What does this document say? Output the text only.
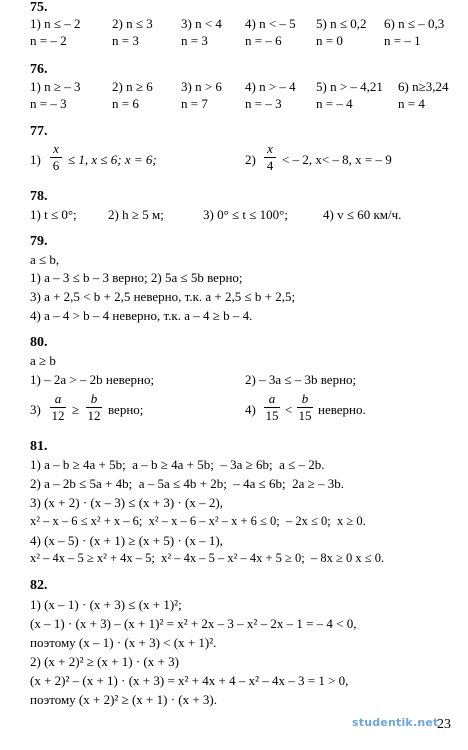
75.
1) n ≤ – 2 2) n ≤ 3 3) n < 4 4) n < – 5 5) n ≤ 0,2 6) n ≤ – 0,3
n = – 2	n = 3	n = 3	n = – 6	n = 0	n = – 1
76.
1) n ≥ – 3 2) n ≥ 6 3) n > 6 4) n > – 4 5) n > – 4,21 6) n≥3,24
n = – 3	n = 6	n = 7	n = – 3	n = – 4	n = 4
77.
1)
x
6 ≤ 1, x ≤ 6; x = 6;	2)
x
4 < – 2, x< – 8, x = – 9
78.
1) t ≤ 0°; 2) h ≥ 5 м;	3) 0° ≤ t ≤ 100°;	4) v ≤ 60 км/ч.
79.
a ≤ b,
1) a – 3 ≤ b – 3 верно; 2) 5a ≤ 5b верно;
3) a + 2,5 < b + 2,5 неверно, т.к. a + 2,5 ≤ b + 2,5;
4) a – 4 > b – 4 неверно, т.к. a – 4 ≥ b – 4.
80.
a ≥ b
1) – 2a > – 2b неверно;	2) – 3a ≤ – 3b верно;
3)
a
12 ≥
b
12 верно;	4)
a
15 <
b
15 неверно.
81.
1) a – b ≥ 4a + 5b;  a – b ≥ 4a + 5b;  – 3a ≥ 6b;  a ≤ – 2b.
2) a – 2b ≤ 5a + 4b;  a – 5a ≤ 4b + 2b;  – 4a ≤ 6b;  2a ≥ – 3b.
3) (x + 2) · (x – 3) ≤ (x + 3) · (x – 2),
x² – x – 6 ≤ x² + x – 6;  x² – x – 6 – x² – x + 6 ≤ 0;  – 2x ≤ 0;  x ≥ 0.
4) (x – 5) · (x + 1) ≥ (x + 5) · (x – 1),
x² – 4x – 5 ≥ x² + 4x – 5;  x² – 4x – 5 – x² – 4x + 5 ≥ 0;  – 8x ≥ 0 x ≤ 0.
82.
1) (x – 1) · (x + 3) ≤ (x + 1)²;
(x – 1) · (x + 3) – (x + 1)² = x² + 2x – 3 – x² – 2x – 1 = – 4 < 0,
поэтому (x – 1) · (x + 3) < (x + 1)².
2) (x + 2)² ≥ (x + 1) · (x + 3)
(x + 2)² – (x + 1) · (x + 3) = x² + 4x + 4 – x² – 4x – 3 = 1 > 0,
поэтому (x + 2)² ≥ (x + 1) · (x + 3).
studentik.net
23
